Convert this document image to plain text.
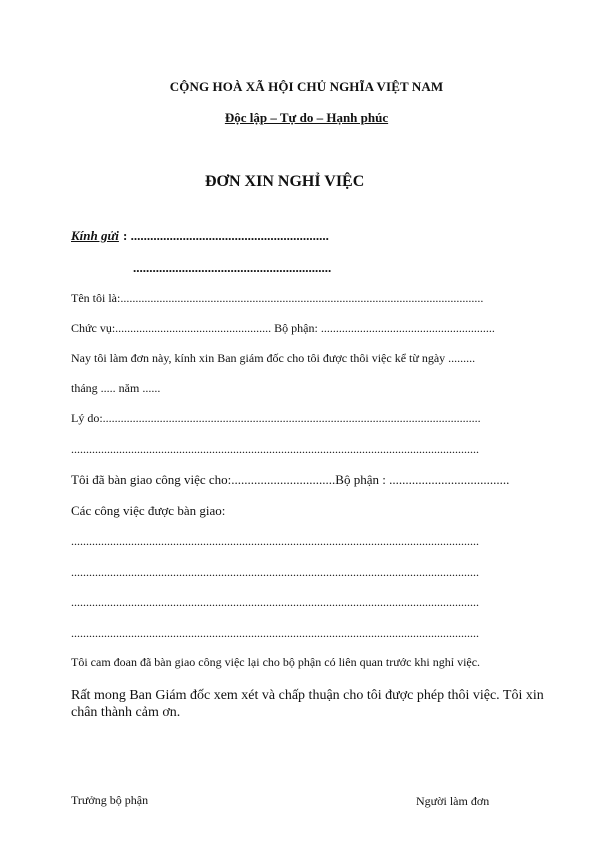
CỘNG HOÀ XÃ HỘI CHỦ NGHĨA VIỆT NAM
Độc lập – Tự do – Hạnh phúc
ĐƠN XIN NGHỈ VIỆC
Kính gửi : .............................................................
.............................................................
Tên tôi là:.........................................................................................................................
Chức vụ:.................................................... Bộ phận: ..........................................................
Nay tôi làm đơn này, kính xin Ban giám đốc cho tôi được thôi việc kể từ ngày .........
tháng ..... năm ......
Lý do:..............................................................................................................................
........................................................................................................................................
Tôi đã bàn giao công việc cho:................................Bộ phận : .....................................
Các công việc được bàn giao:
........................................................................................................................................
........................................................................................................................................
........................................................................................................................................
........................................................................................................................................
Tôi cam đoan đã bàn giao công việc lại cho bộ phận có liên quan trước khi nghỉ việc.
Rất mong Ban Giám đốc xem xét và chấp thuận cho tôi được phép thôi việc. Tôi xin chân thành cảm ơn.
Trưởng bộ phận	Người làm đơn
